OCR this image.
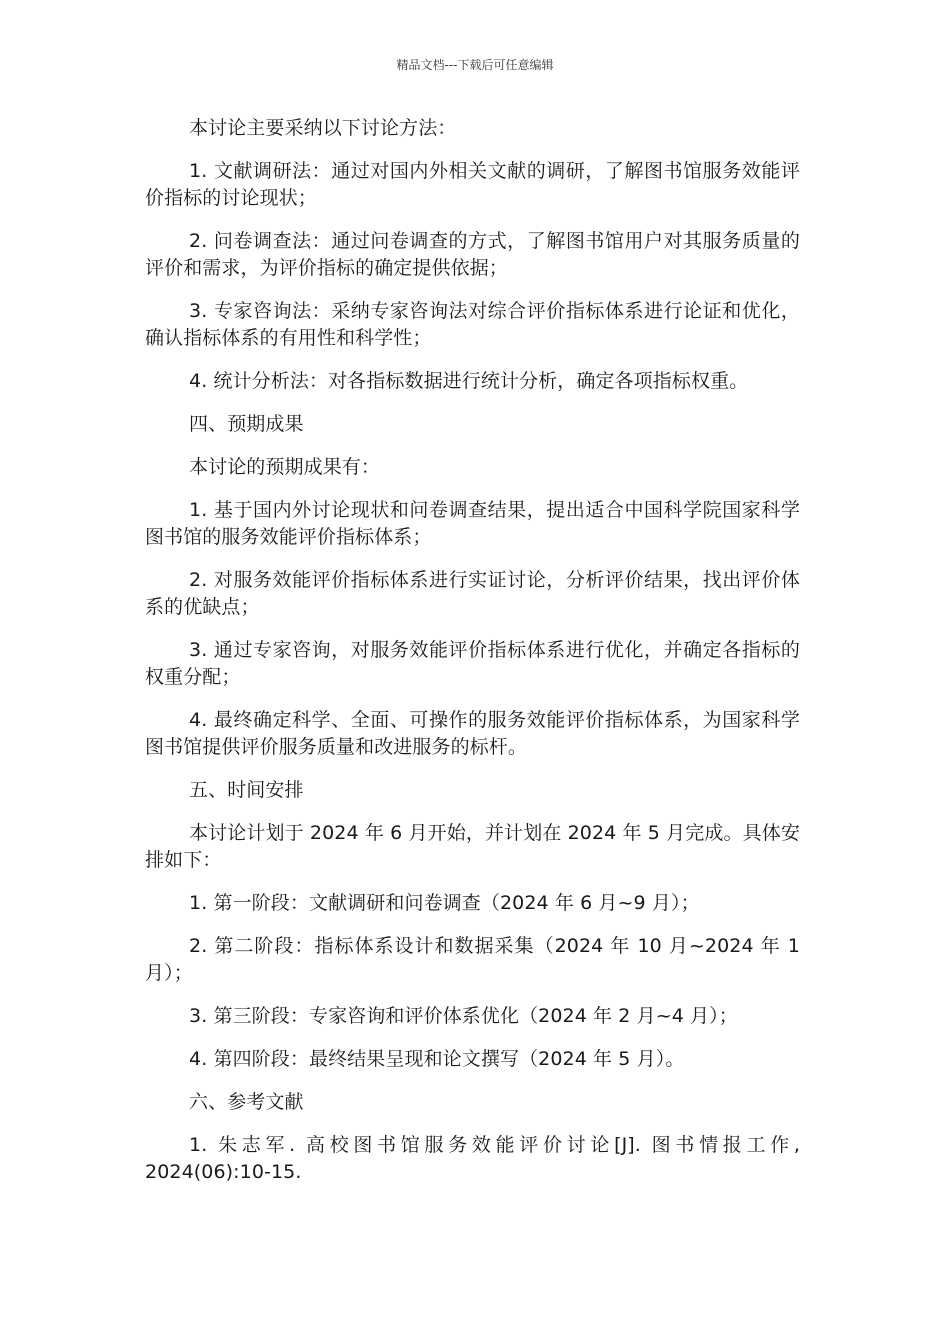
精品文档---下载后可任意编辑

本讨论主要采纳以下讨论方法：

1. 文献调研法：通过对国内外相关文献的调研，了解图书馆服务效能评价指标的讨论现状；

2. 问卷调查法：通过问卷调查的方式，了解图书馆用户对其服务质量的评价和需求，为评价指标的确定提供依据；

3. 专家咨询法：采纳专家咨询法对综合评价指标体系进行论证和优化，确认指标体系的有用性和科学性；

4. 统计分析法：对各指标数据进行统计分析，确定各项指标权重。

四、预期成果

本讨论的预期成果有：

1. 基于国内外讨论现状和问卷调查结果，提出适合中国科学院国家科学图书馆的服务效能评价指标体系；

2. 对服务效能评价指标体系进行实证讨论，分析评价结果，找出评价体系的优缺点；

3. 通过专家咨询，对服务效能评价指标体系进行优化，并确定各指标的权重分配；

4. 最终确定科学、全面、可操作的服务效能评价指标体系，为国家科学图书馆提供评价服务质量和改进服务的标杆。

五、时间安排

本讨论计划于 2024 年 6 月开始，并计划在 2024 年 5 月完成。具体安排如下：

1. 第一阶段：文献调研和问卷调查（2024 年 6 月~9 月）；

2. 第二阶段：指标体系设计和数据采集（2024 年 10 月~2024 年 1 月）；

3. 第三阶段：专家咨询和评价体系优化（2024 年 2 月~4 月）；

4. 第四阶段：最终结果呈现和论文撰写（2024 年 5 月）。

六、参考文献

1. 朱志军. 高校图书馆服务效能评价讨论[J]. 图书情报工作, 2024(06):10-15.
